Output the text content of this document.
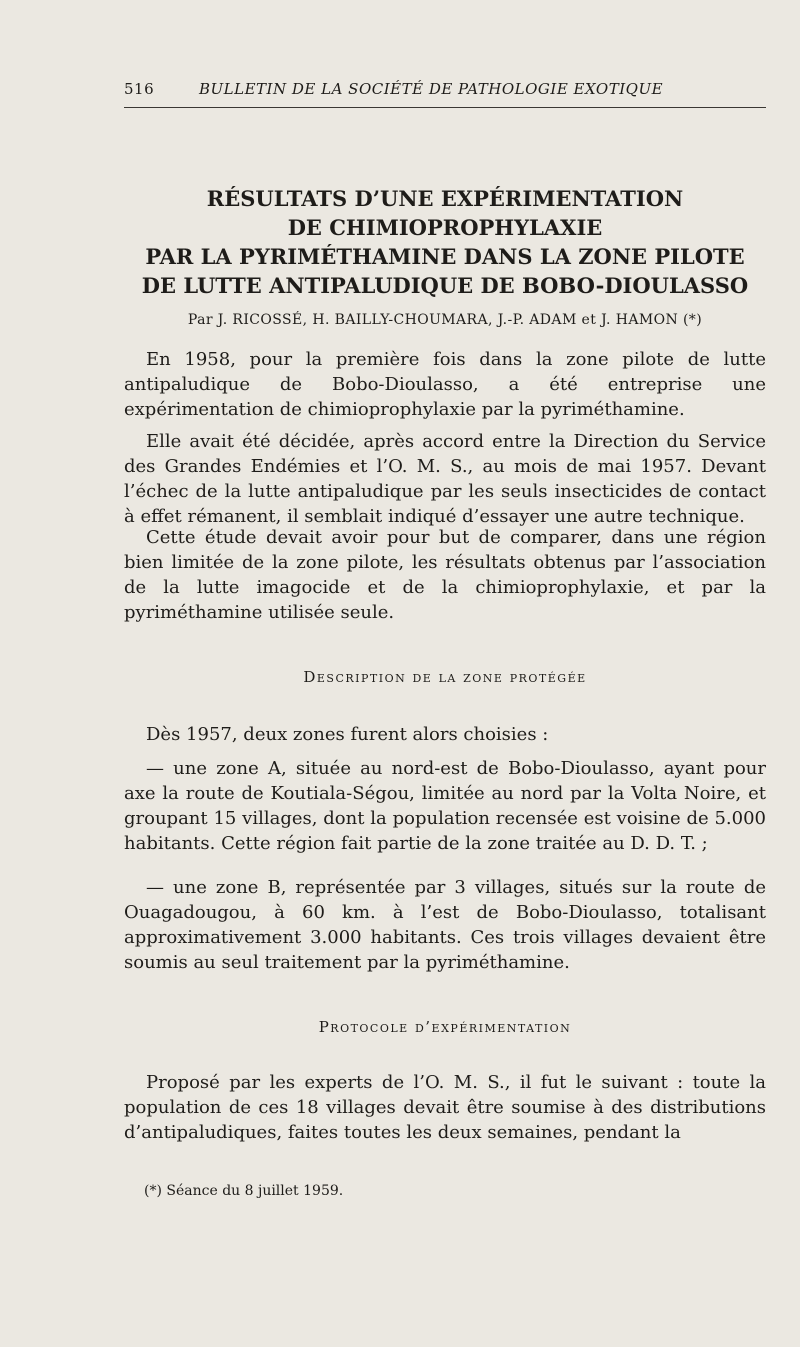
516	BULLETIN DE LA SOCIÉTÉ DE PATHOLOGIE EXOTIQUE
RÉSULTATS D’UNE EXPÉRIMENTATION
DE CHIMIOPROPHYLAXIE
PAR LA PYRIMÉTHAMINE DANS LA ZONE PILOTE
DE LUTTE ANTIPALUDIQUE DE BOBO-DIOULASSO
Par J. RICOSSÉ, H. BAILLY-CHOUMARA, J.-P. ADAM et J. HAMON (*)

En 1958, pour la première fois dans la zone pilote de lutte antipaludique de Bobo-Dioulasso, a été entreprise une expérimentation de chimioprophylaxie par la pyriméthamine.

Elle avait été décidée, après accord entre la Direction du Service des Grandes Endémies et l’O. M. S., au mois de mai 1957. Devant l’échec de la lutte antipaludique par les seuls insecticides de contact à effet rémanent, il semblait indiqué d’essayer une autre technique.

Cette étude devait avoir pour but de comparer, dans une région bien limitée de la zone pilote, les résultats obtenus par l’association de la lutte imagocide et de la chimioprophylaxie, et par la pyriméthamine utilisée seule.

Description de la zone protégée

Dès 1957, deux zones furent alors choisies :

— une zone A, située au nord-est de Bobo-Dioulasso, ayant pour axe la route de Koutiala-Ségou, limitée au nord par la Volta Noire, et groupant 15 villages, dont la population recensée est voisine de 5.000 habitants. Cette région fait partie de la zone traitée au D. D. T. ;

— une zone B, représentée par 3 villages, situés sur la route de Ouagadougou, à 60 km. à l’est de Bobo-Dioulasso, totalisant approximativement 3.000 habitants. Ces trois villages devaient être soumis au seul traitement par la pyriméthamine.

Protocole d’expérimentation

Proposé par les experts de l’O. M. S., il fut le suivant : toute la population de ces 18 villages devait être soumise à des distributions d’antipaludiques, faites toutes les deux semaines, pendant la

(*) Séance du 8 juillet 1959.
